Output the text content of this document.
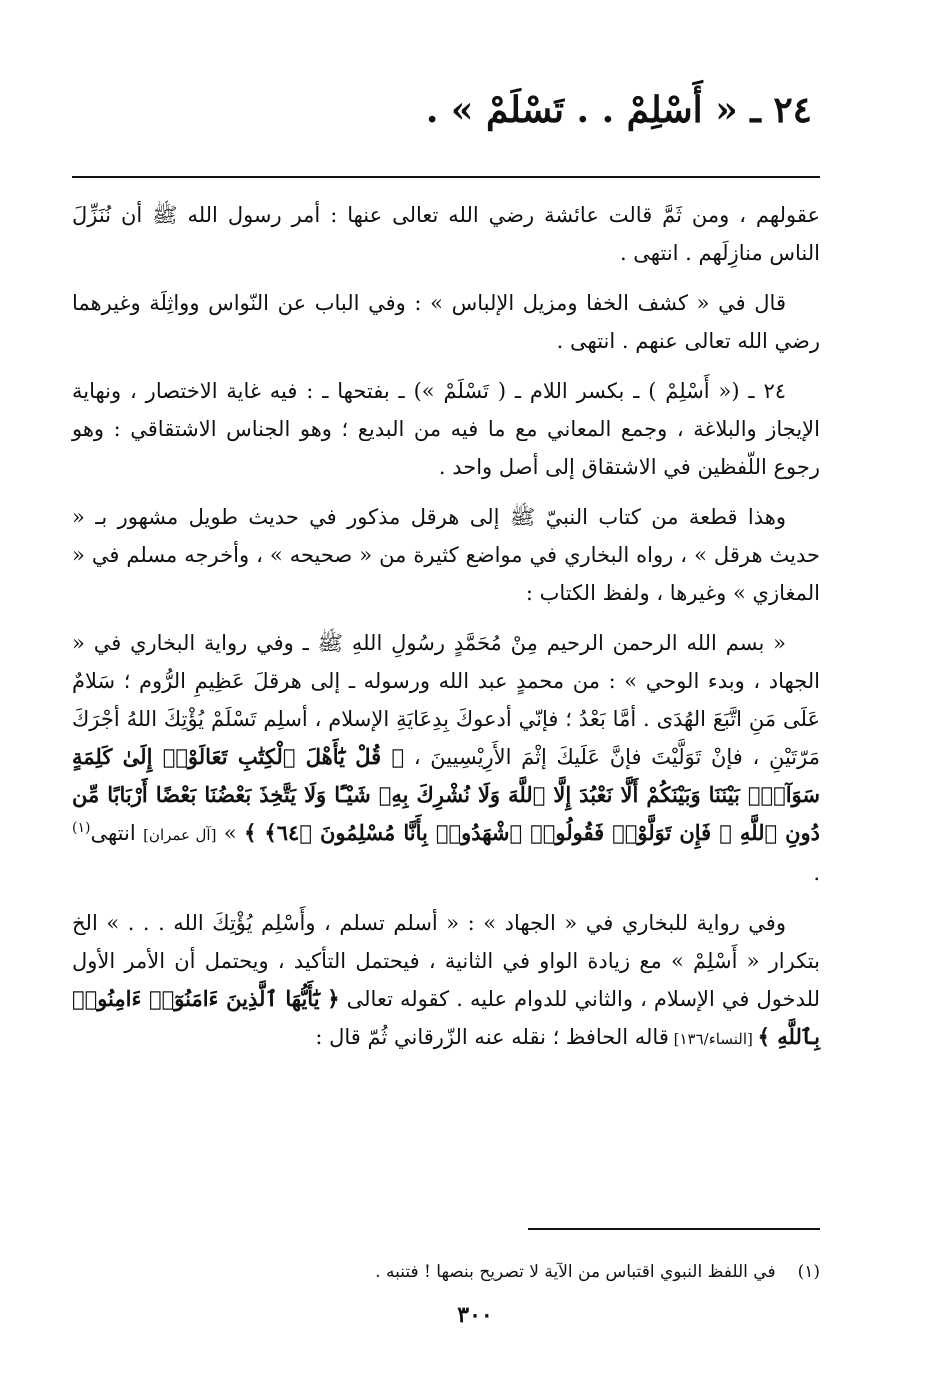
٢٤ ـ « أَسْلِمْ . . تَسْلَمْ » .

عقولهم ، ومن ثَمَّ قالت عائشة رضي الله تعالى عنها : أمر رسول الله ﷺ أن نُنَزِّلَ الناس منازِلَهم . انتهى .

قال في « كشف الخفا ومزيل الإلباس » : وفي الباب عن النّواس وواثِلَة وغيرهما رضي الله تعالى عنهم . انتهى .

٢٤ ـ (« أَسْلِمْ ) ـ بكسر اللام ـ ( تَسْلَمْ ») ـ بفتحها ـ : فيه غاية الاختصار ، ونهاية الإيجاز والبلاغة ، وجمع المعاني مع ما فيه من البديع ؛ وهو الجناس الاشتقاقي : وهو رجوع اللّفظين في الاشتقاق إلى أصل واحد .

وهذا قطعة من كتاب النبيّ ﷺ إلى هرقل مذكور في حديث طويل مشهور بـ « حديث هرقل » ، رواه البخاري في مواضع كثيرة من « صحيحه » ، وأخرجه مسلم في « المغازي » وغيرها ، ولفظ الكتاب :

« بسم الله الرحمن الرحيم مِنْ مُحَمَّدٍ رسُولِ اللهِ ﷺ ـ وفي رواية البخاري في « الجهاد ، وبدء الوحي » : من محمدٍ عبد الله ورسوله ـ إلى هرقلَ عَظِيمِ الرُّوم ؛ سَلامٌ عَلَى مَنِ اتَّبَعَ الهُدَى . أمَّا بَعْدُ ؛ فإنّي أدعوكَ بِدِعَايَةِ الإسلام ، أسلِم تَسْلَمْ يُؤْتِكَ اللهُ أجْرَكَ مَرّتَيْنِ ، فإنْ تَوَلَّيْتَ فإنَّ عَلَيكَ إثْمَ الأَرِيْسِيينَ ، ﴿ قُلْ يَٰٓأَهْلَ ٱلْكِتَٰبِ تَعَالَوْا۟ إِلَىٰ كَلِمَةٍ سَوَآءٍۭ بَيْنَنَا وَبَيْنَكُمْ أَلَّا نَعْبُدَ إِلَّا ٱللَّهَ وَلَا نُشْرِكَ بِهِۦ شَيْـًٔا وَلَا يَتَّخِذَ بَعْضُنَا بَعْضًا أَرْبَابًا مِّن دُونِ ٱللَّهِ ۚ فَإِن تَوَلَّوْا۟ فَقُولُوا۟ ٱشْهَدُوا۟ بِأَنَّا مُسْلِمُونَ ﴿٦٤﴾ ﴾ » [آل عمران] انتهى$^{(١)}$ .

وفي رواية للبخاري في « الجهاد » : « أسلم تسلم ، وأَسْلِم يُؤْتِكَ الله . . . » الخ بتكرار « أَسْلِمْ » مع زيادة الواو في الثانية ، فيحتمل التأكيد ، ويحتمل أن الأمر الأول للدخول في الإسلام ، والثاني للدوام عليه . كقوله تعالى ﴿ يَٰٓأَيُّهَا ٱلَّذِينَ ءَامَنُوٓا۟ ءَامِنُوا۟ بِٱللَّهِ ﴾ [النساء/١٣٦] قاله الحافظ ؛ نقله عنه الزّرقاني ثُمّ قال :

(١)في اللفظ النبوي اقتباس من الآية لا تصريح بنصها ! فتنبه .
٣٠٠
